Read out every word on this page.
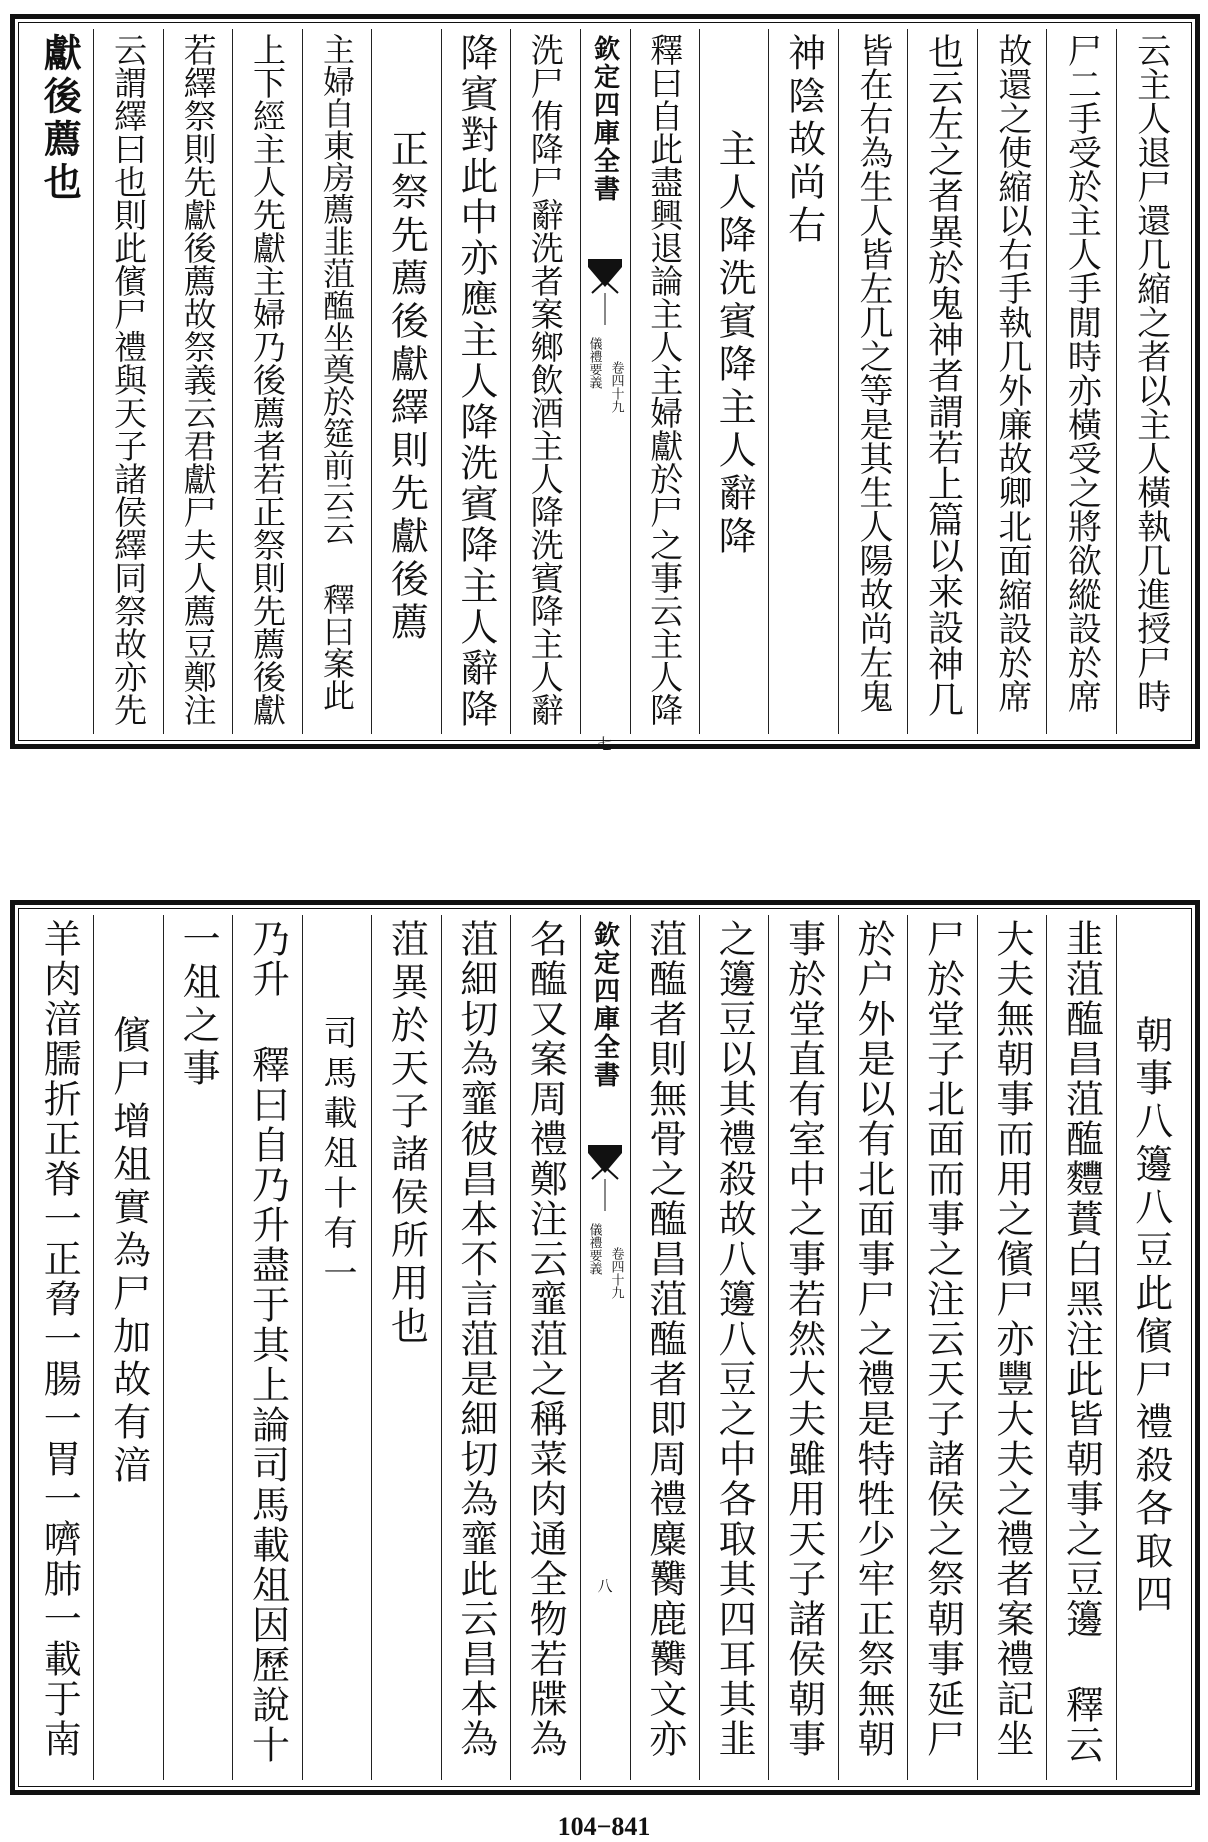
云主人退尸還几縮之者以主人橫執几進授尸時
尸二手受於主人手閒時亦橫受之將欲縱設於席
故還之使縮以右手執几外廉故卿北面縮設於席
也云左之者異於鬼神者謂若上篇以来設神几
皆在右為生人皆左几之等是其生人陽故尚左鬼
神陰故尚右
主人降洗賓降主人辭降
釋曰自此盡興退論主人主婦獻於尸之事云主人降
欽定四庫全書
儀禮要義 卷四十九
七
洗尸侑降尸辭洗者案鄉飲酒主人降洗賓降主人辭
降賓對此中亦應主人降洗賓降主人辭降
正祭先薦後獻繹則先獻後薦
主婦自東房薦韭菹醢坐奠於筵前云云 釋曰案此
上下經主人先獻主婦乃後薦者若正祭則先薦後獻
若繹祭則先獻後薦故祭義云君獻尸夫人薦豆鄭注
云謂繹曰也則此儐尸禮與天子諸侯繹同祭故亦先
獻後薦也
朝事八籩八豆此儐尸禮殺各取四
韭菹醢昌菹醢麷蕡白黑注此皆朝事之豆籩 釋云
大夫無朝事而用之儐尸亦豐大夫之禮者案禮記坐
尸於堂子北面而事之注云天子諸侯之祭朝事延尸
於户外是以有北面事尸之禮是特牲少牢正祭無朝
事於堂直有室中之事若然大夫雖用天子諸侯朝事
之籩豆以其禮殺故八籩八豆之中各取其四耳其韭
菹醢者則無骨之醢昌菹醢者即周禮麋臡鹿臡文亦
欽定四庫全書
儀禮要義 卷四十九
八
名醢又案周禮鄭注云韲菹之稱菜肉通全物若牒為
菹細切為韲彼昌本不言菹是細切為韲此云昌本為
菹異於天子諸侯所用也
司馬載俎十有一
乃升 釋曰自乃升盡于其上論司馬載俎因歷說十
一俎之事
儐尸增俎實為尸加故有湆
羊肉湆臑折正脊一正脅一腸一胃一嚌肺一載于南
104−841
